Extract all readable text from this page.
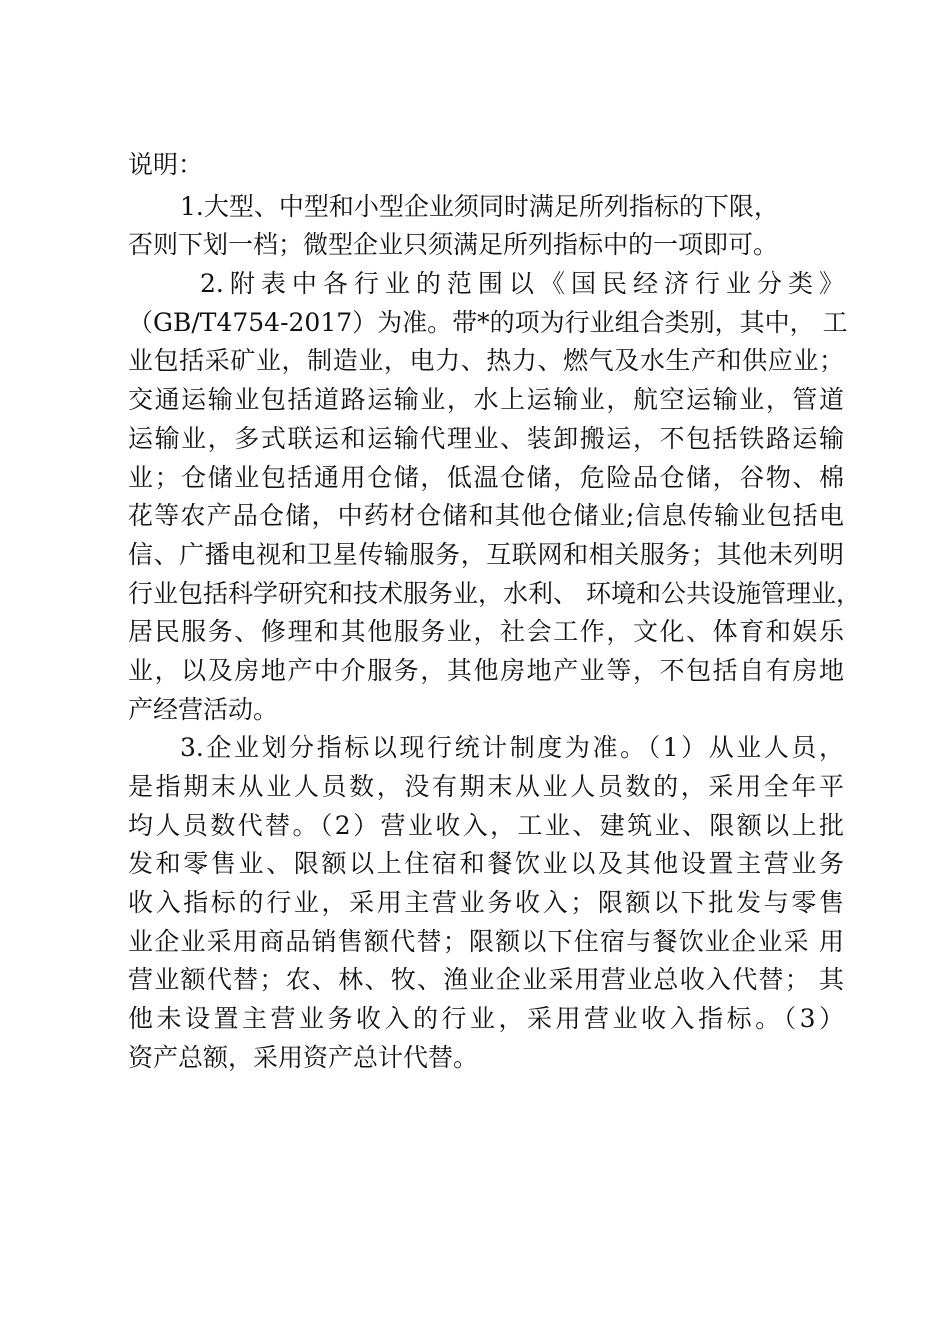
说明：
1.大型、中型和小型企业须同时满足所列指标的下限，
否则下划一档；微型企业只须满足所列指标中的一项即可。
2.附表中各行业的范围以《国民经济行业分类》
（GB/T4754-2017）为准。带*的项为行业组合类别，其中， 工
业包括采矿业，制造业，电力、热力、燃气及水生产和供应业；
交通运输业包括道路运输业，水上运输业，航空运输业，管道
运输业，多式联运和运输代理业、装卸搬运，不包括铁路运输
业；仓储业包括通用仓储，低温仓储，危险品仓储，谷物、棉
花等农产品仓储，中药材仓储和其他仓储业;信息传输业包括电
信、广播电视和卫星传输服务，互联网和相关服务；其他未列明
行业包括科学研究和技术服务业，水利、 环境和公共设施管理业，
居民服务、修理和其他服务业，社会工作，文化、体育和娱乐
业，以及房地产中介服务，其他房地产业等，不包括自有房地
产经营活动。
3.企业划分指标以现行统计制度为准。（1）从业人员，
是指期末从业人员数，没有期末从业人员数的，采用全年平
均人员数代替。（2）营业收入，工业、建筑业、限额以上批
发和零售业、限额以上住宿和餐饮业以及其他设置主营业务
收入指标的行业，采用主营业务收入；限额以下批发与零售
业企业采用商品销售额代替；限额以下住宿与餐饮业企业采 用
营业额代替；农、林、牧、渔业企业采用营业总收入代替； 其
他未设置主营业务收入的行业，采用营业收入指标。（3）
资产总额，采用资产总计代替。
